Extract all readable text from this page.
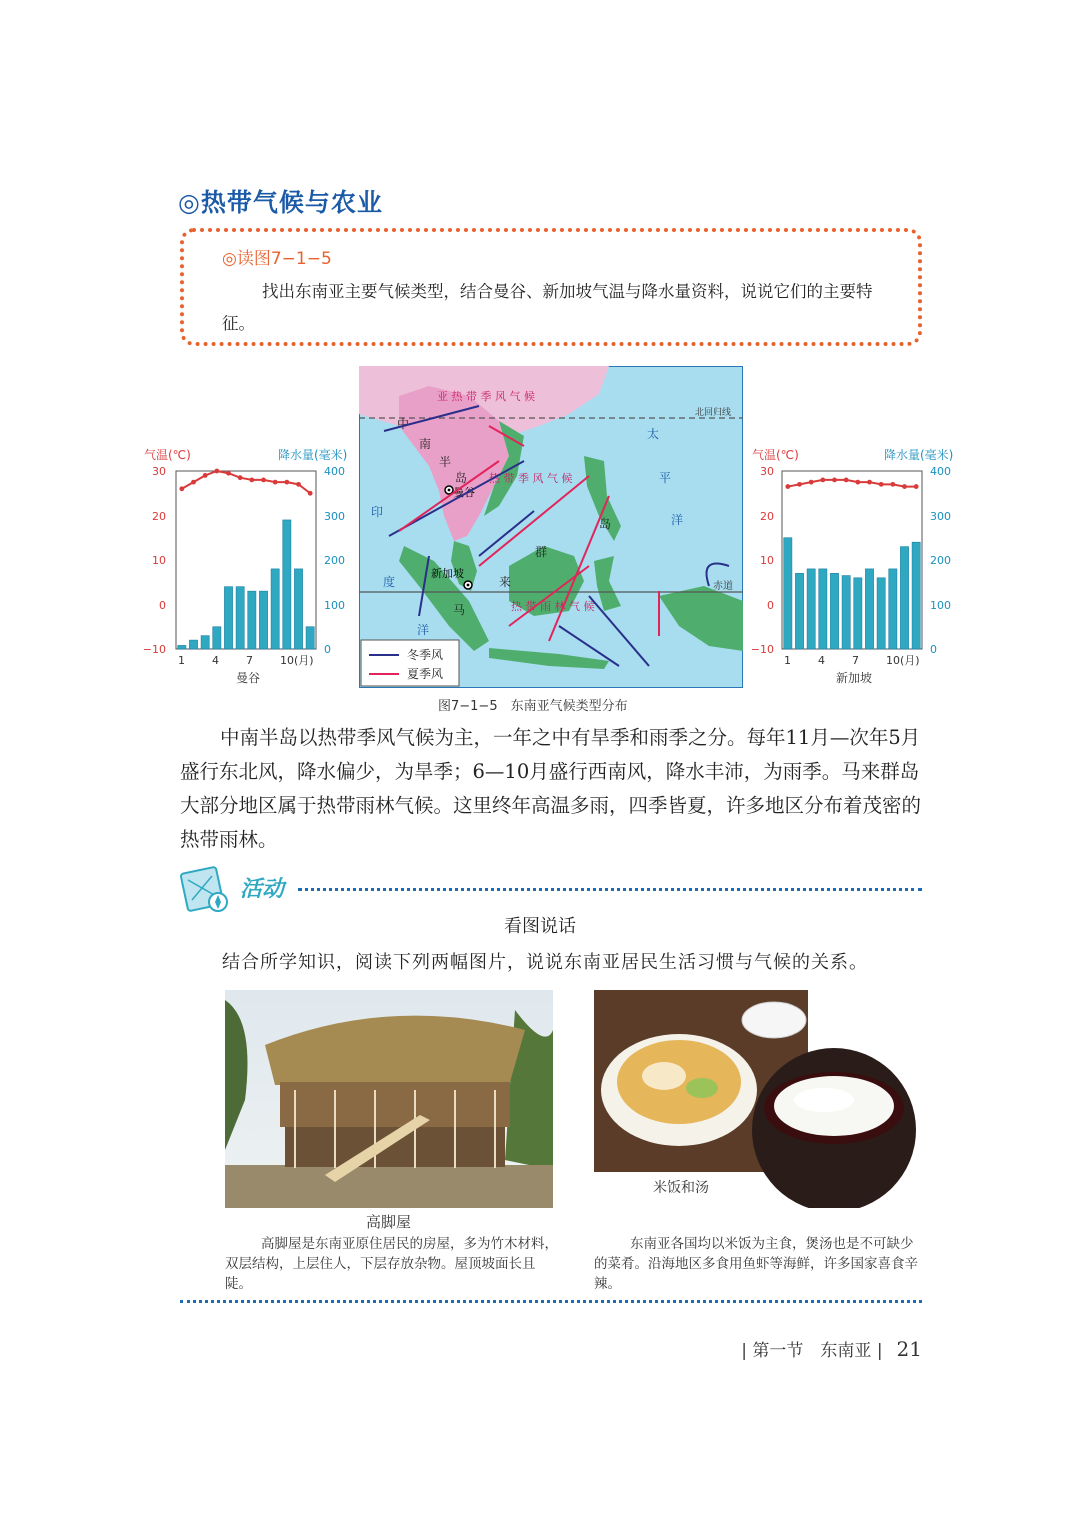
◎热带气候与农业
◎读图7−1−5
找出东南亚主要气候类型，结合曼谷、新加坡气温与降水量资料，说说它们的主要特征。
气温(℃)	降水量(毫米)
30
20
10
0
−10
400
300
200
100
0
1 4 7 10(月)
曼谷
北回归线
赤道
亚 热 带 季 风 气 候
热 带 季 风 气 候
热 带 雨 林 气 候
中
南
半
岛
马
来
群
岛
太
平
洋
印
度
洋
曼谷
新加坡
冬季风
夏季风
气温(℃)	降水量(毫米)
30
20
10
0
−10
400
300
200
100
0
1 4 7 10(月)
新加坡
图7−1−5　东南亚气候类型分布
中南半岛以热带季风气候为主，一年之中有旱季和雨季之分。每年11月—次年5月盛行东北风，降水偏少，为旱季；6—10月盛行西南风，降水丰沛，为雨季。马来群岛大部分地区属于热带雨林气候。这里终年高温多雨，四季皆夏，许多地区分布着茂密的热带雨林。
活动
看图说话
结合所学知识，阅读下列两幅图片，说说东南亚居民生活习惯与气候的关系。
高脚屋
高脚屋是东南亚原住居民的房屋，多为竹木材料，双层结构，上层住人，下层存放杂物。屋顶坡面长且陡。
米饭和汤
东南亚各国均以米饭为主食，煲汤也是不可缺少的菜肴。沿海地区多食用鱼虾等海鲜，许多国家喜食辛辣。
| 第一节　东南亚 | 21
